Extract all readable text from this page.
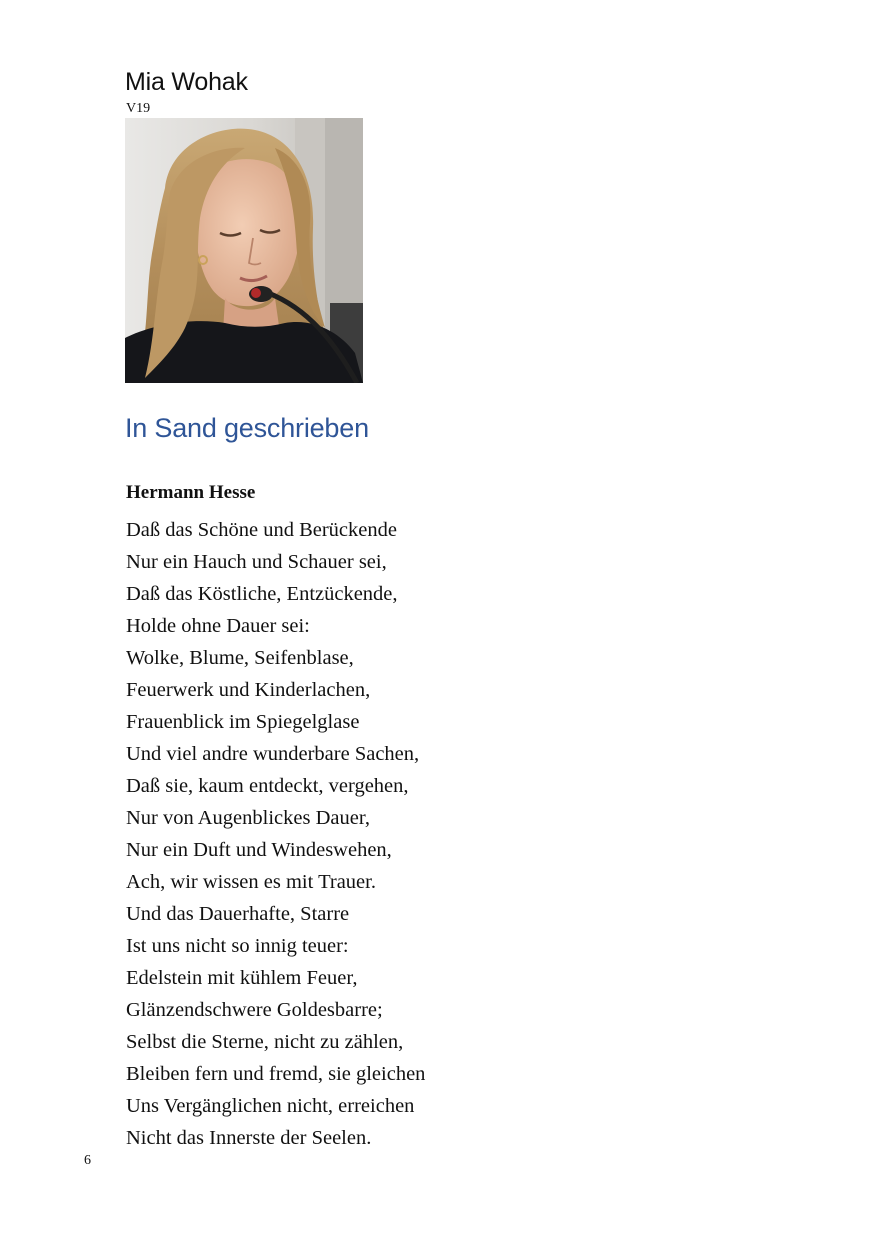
Mia Wohak
V19
In Sand geschrieben
Hermann Hesse
Daß das Schöne und Berückende
Nur ein Hauch und Schauer sei,
Daß das Köstliche, Entzückende,
Holde ohne Dauer sei:
Wolke, Blume, Seifenblase,
Feuerwerk und Kinderlachen,
Frauenblick im Spiegelglase
Und viel andre wunderbare Sachen,
Daß sie, kaum entdeckt, vergehen,
Nur von Augenblickes Dauer,
Nur ein Duft und Windeswehen,
Ach, wir wissen es mit Trauer.
Und das Dauerhafte, Starre
Ist uns nicht so innig teuer:
Edelstein mit kühlem Feuer,
Glänzendschwere Goldesbarre;
Selbst die Sterne, nicht zu zählen,
Bleiben fern und fremd, sie gleichen
Uns Vergänglichen nicht, erreichen
Nicht das Innerste der Seelen.
6
